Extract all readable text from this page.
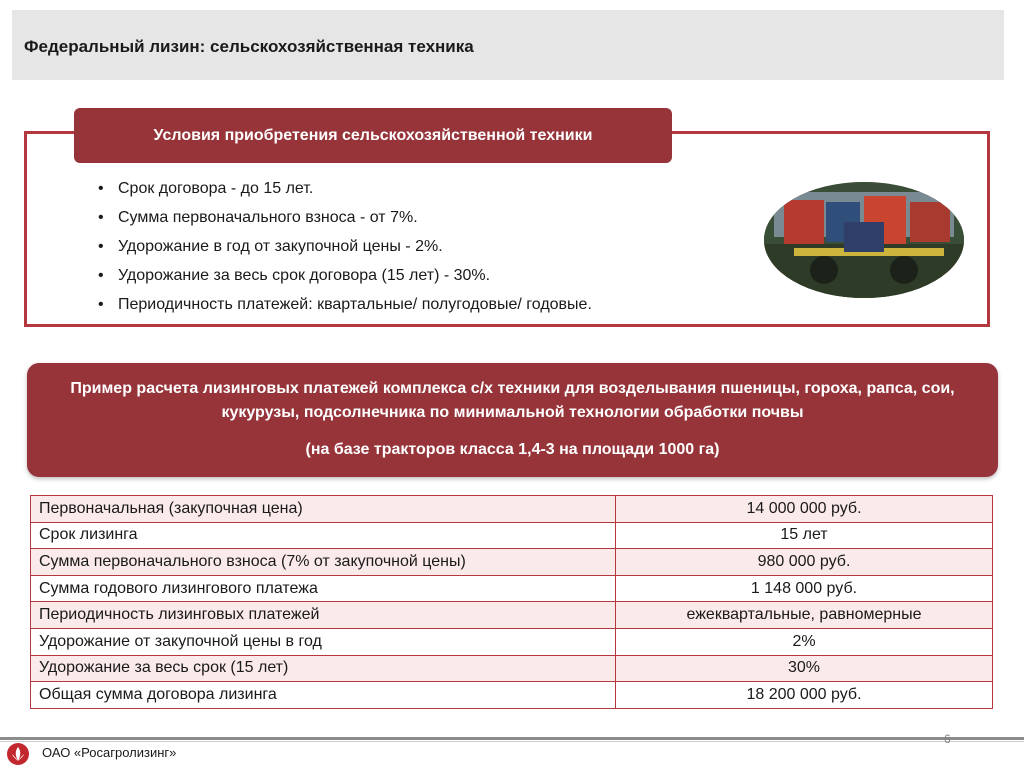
Федеральный лизин: сельскохозяйственная техника
Условия приобретения сельскохозяйственной техники
• Срок договора - до 15 лет.
• Сумма первоначального взноса - от 7%.
• Удорожание в год от закупочной цены - 2%.
• Удорожание за весь срок договора (15 лет) - 30%.
• Периодичность платежей: квартальные/ полугодовые/ годовые.
Пример расчета лизинговых платежей комплекса с/х техники для возделывания пшеницы, гороха, рапса, сои, кукурузы, подсолнечника по минимальной технологии обработки почвы
(на базе тракторов класса 1,4-3 на площади 1000 га)
Первоначальная (закупочная цена)	14 000 000 руб.
Срок лизинга	15 лет
Сумма первоначального взноса (7% от закупочной цены)	980 000 руб.
Сумма годового лизингового платежа	1 148 000 руб.
Периодичность лизинговых платежей	ежеквартальные, равномерные
Удорожание от закупочной цены в год	2%
Удорожание за весь срок (15 лет)	30%
Общая сумма договора лизинга	18 200 000 руб.
ОАО «Росагролизинг»
6
